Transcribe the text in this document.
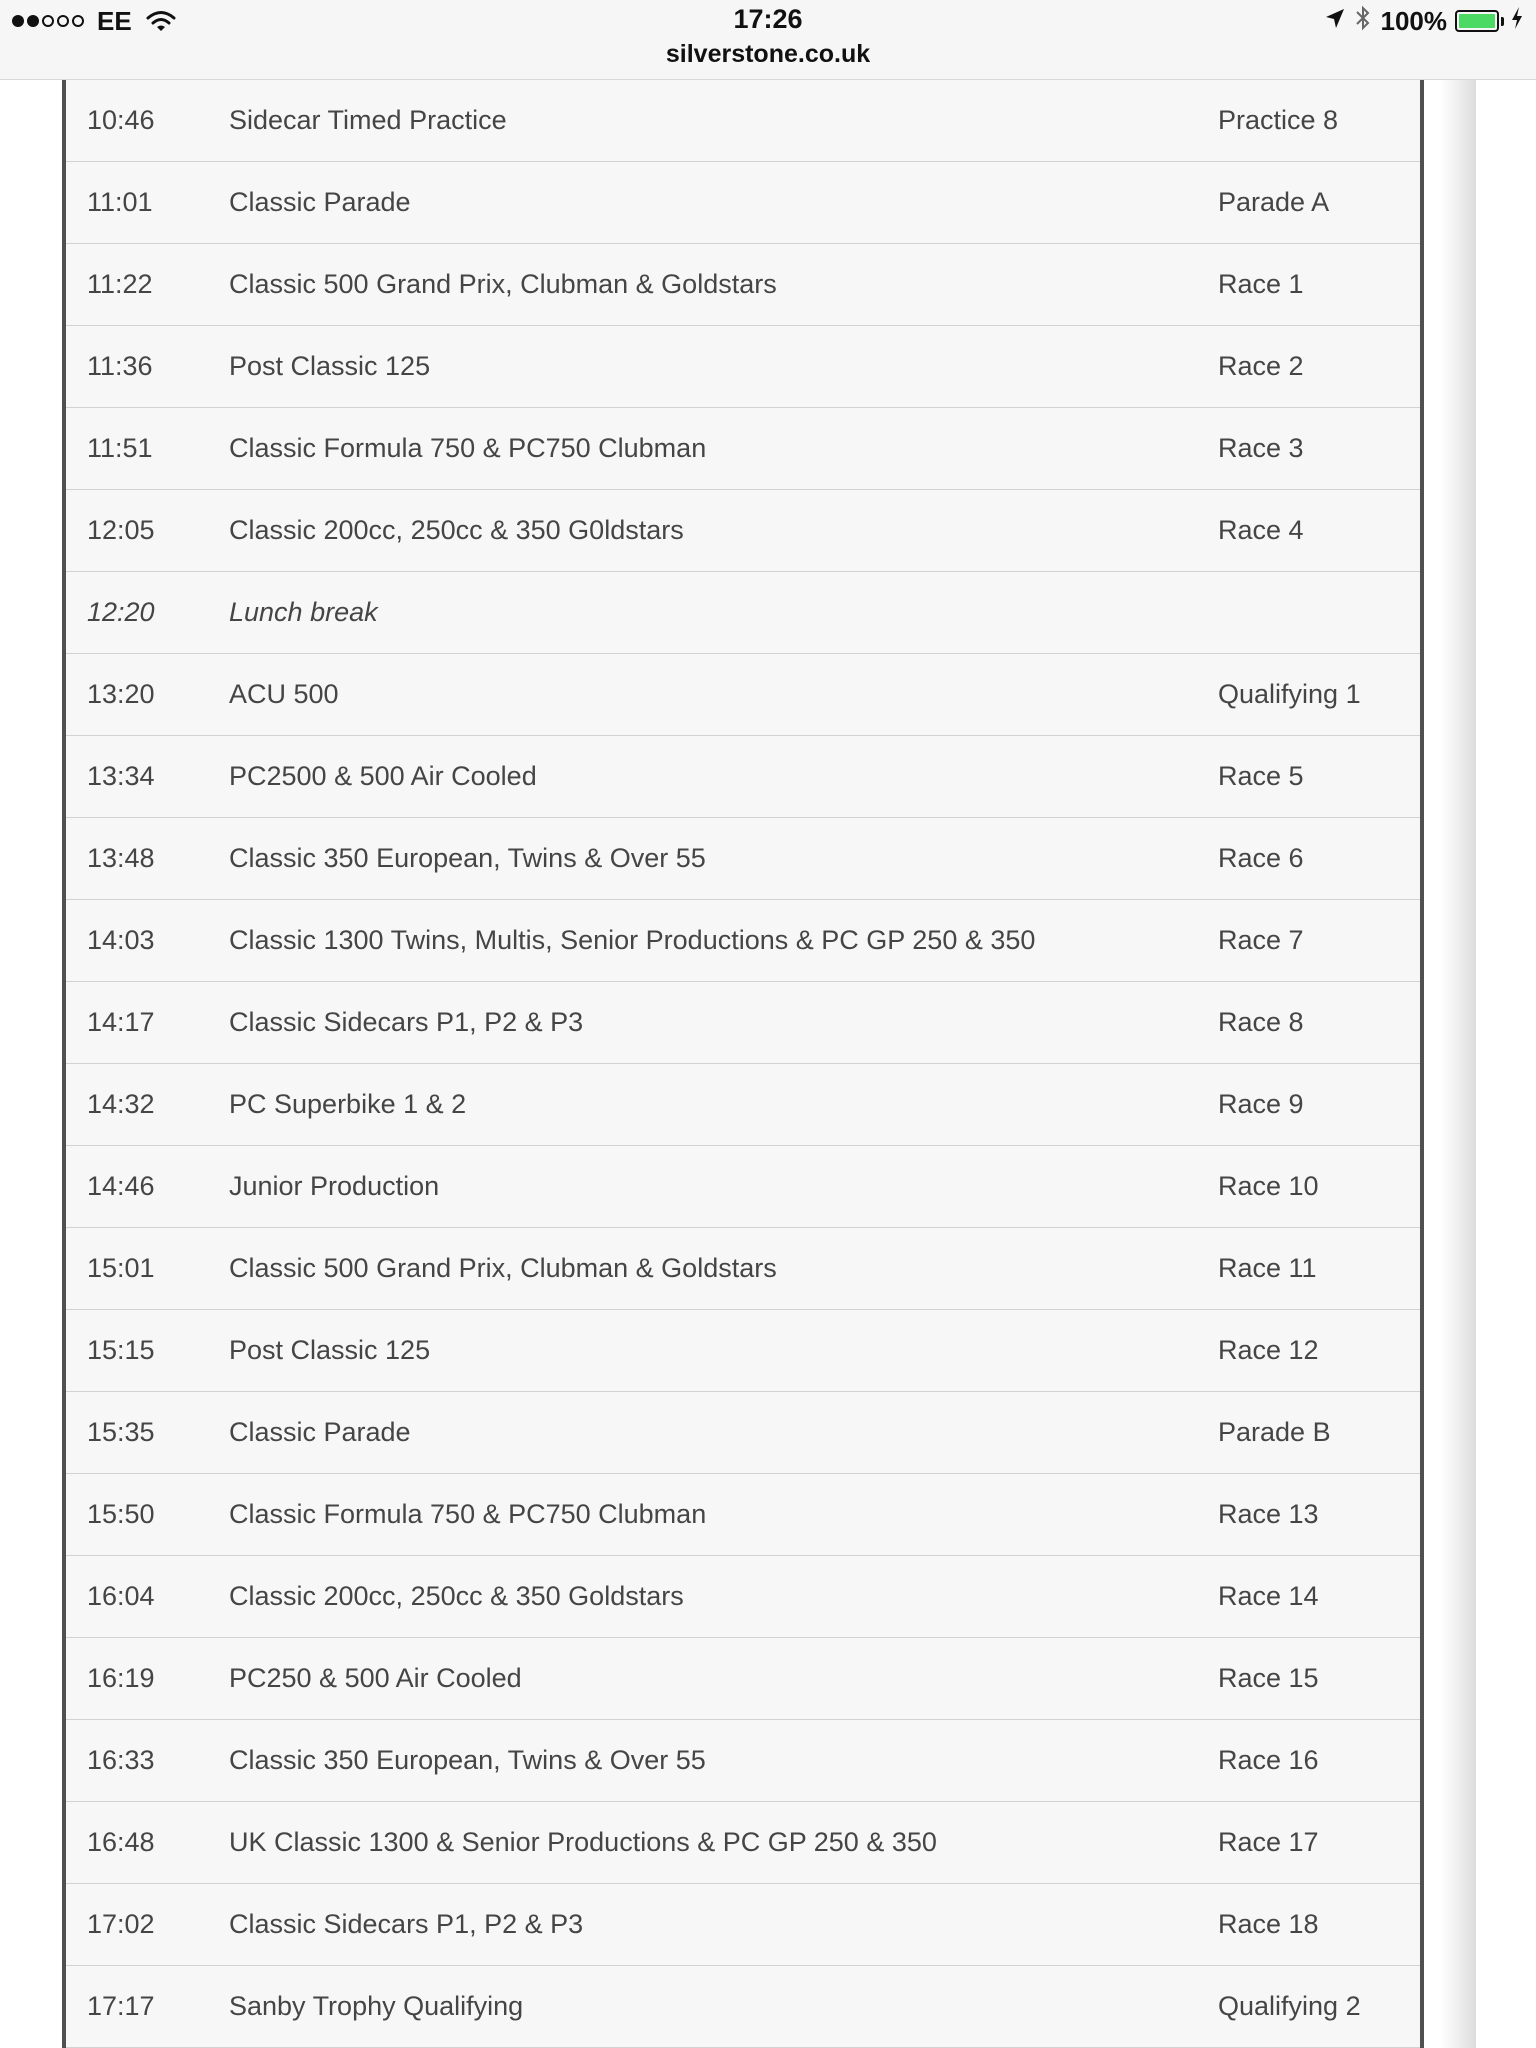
EE	17:26
silverstone.co.uk
100%
10:46	Sidecar Timed Practice	Practice 8
11:01	Classic Parade	Parade A
11:22	Classic 500 Grand Prix, Clubman & Goldstars	Race 1
11:36	Post Classic 125	Race 2
11:51	Classic Formula 750 & PC750 Clubman	Race 3
12:05	Classic 200cc, 250cc & 350 G0ldstars	Race 4
12:20	Lunch break
13:20	ACU 500	Qualifying 1
13:34	PC2500 & 500 Air Cooled	Race 5
13:48	Classic 350 European, Twins & Over 55	Race 6
14:03	Classic 1300 Twins, Multis, Senior Productions & PC GP 250 & 350	Race 7
14:17	Classic Sidecars P1, P2 & P3	Race 8
14:32	PC Superbike 1 & 2	Race 9
14:46	Junior Production	Race 10
15:01	Classic 500 Grand Prix, Clubman & Goldstars	Race 11
15:15	Post Classic 125	Race 12
15:35	Classic Parade	Parade B
15:50	Classic Formula 750 & PC750 Clubman	Race 13
16:04	Classic 200cc, 250cc & 350 Goldstars	Race 14
16:19	PC250 & 500 Air Cooled	Race 15
16:33	Classic 350 European, Twins & Over 55	Race 16
16:48	UK Classic 1300 & Senior Productions & PC GP 250 & 350	Race 17
17:02	Classic Sidecars P1, P2 & P3	Race 18
17:17	Sanby Trophy Qualifying	Qualifying 2
